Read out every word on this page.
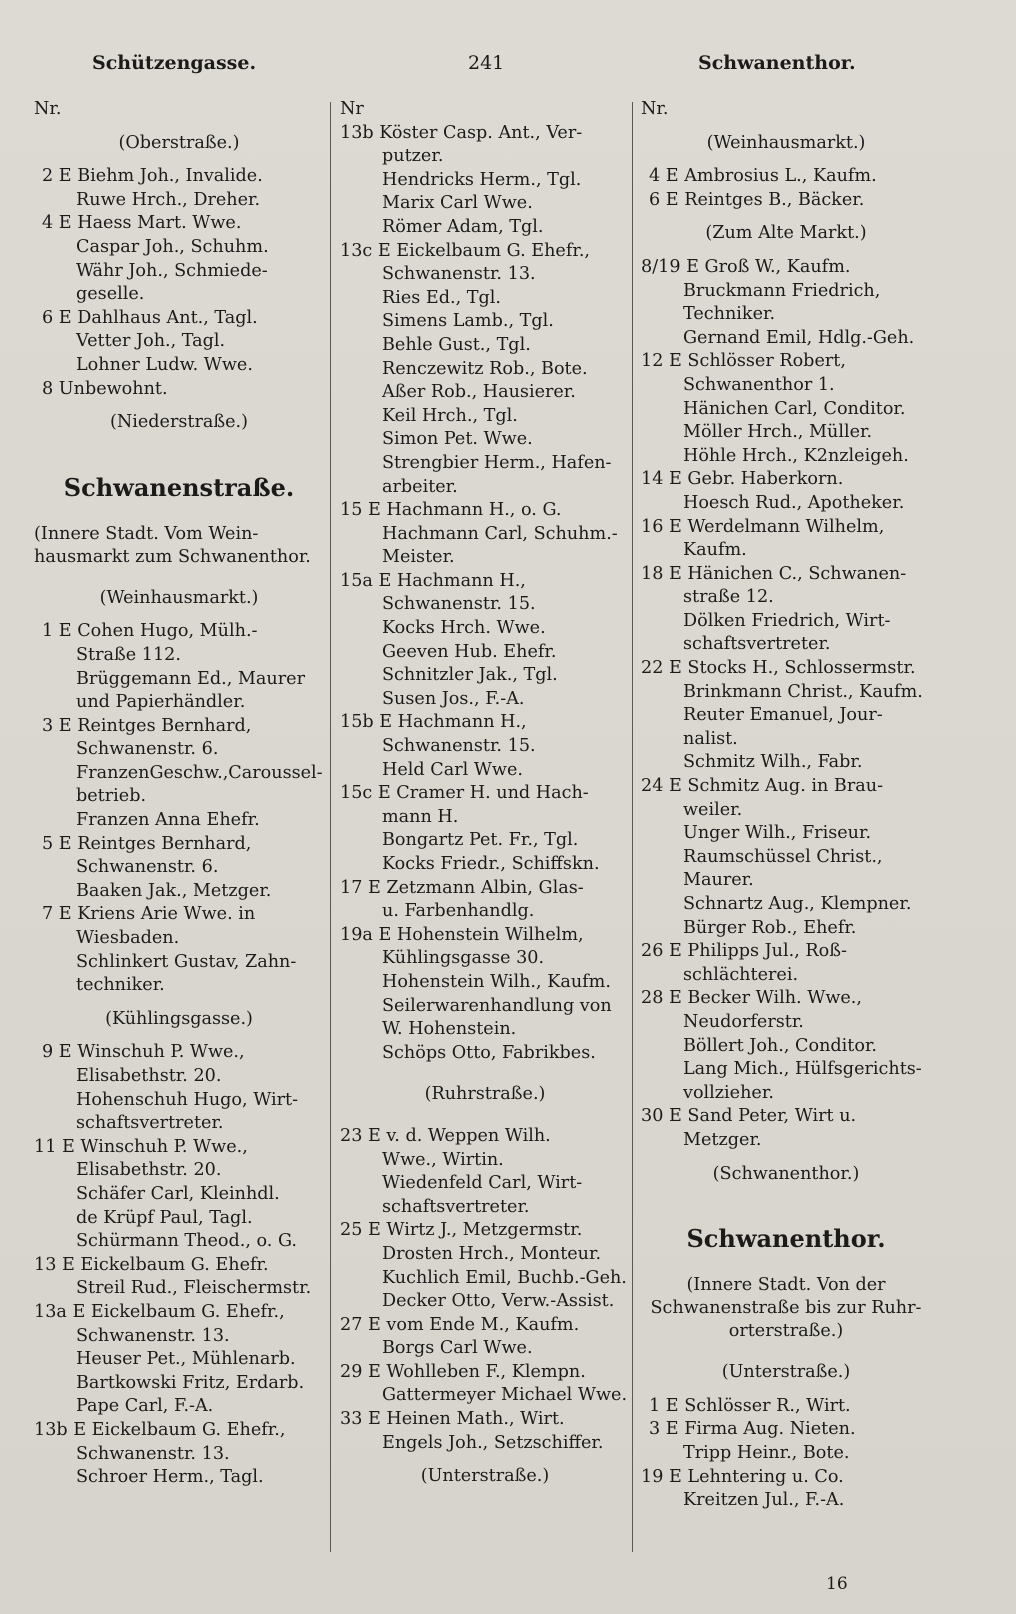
Schützengasse.	241	Schwanenthor.
Nr.
(Oberstraße.)
2 E Biehm Joh., Invalide.
Ruwe Hrch., Dreher.
4 E Haess Mart. Wwe.
Caspar Joh., Schuhm.
Währ Joh., Schmiede-
geselle.
6 E Dahlhaus Ant., Tagl.
Vetter Joh., Tagl.
Lohner Ludw. Wwe.
8 Unbewohnt.
(Niederstraße.)
Schwanenstraße.
(Innere Stadt. Vom Wein-
hausmarkt zum Schwanenthor.
(Weinhausmarkt.)
1 E Cohen Hugo, Mülh.-
Straße 112.
Brüggemann Ed., Maurer
und Papierhändler.
3 E Reintges Bernhard,
Schwanenstr. 6.
FranzenGeschw.,Caroussel-
betrieb.
Franzen Anna Ehefr.
5 E Reintges Bernhard,
Schwanenstr. 6.
Baaken Jak., Metzger.
7 E Kriens Arie Wwe. in
Wiesbaden.
Schlinkert Gustav, Zahn-
techniker.
(Kühlingsgasse.)
9 E Winschuh P. Wwe.,
Elisabethstr. 20.
Hohenschuh Hugo, Wirt-
schaftsvertreter.
11 E Winschuh P. Wwe.,
Elisabethstr. 20.
Schäfer Carl, Kleinhdl.
de Krüpf Paul, Tagl.
Schürmann Theod., o. G.
13 E Eickelbaum G. Ehefr.
Streil Rud., Fleischermstr.
13a E Eickelbaum G. Ehefr.,
Schwanenstr. 13.
Heuser Pet., Mühlenarb.
Bartkowski Fritz, Erdarb.
Pape Carl, F.-A.
13b E Eickelbaum G. Ehefr.,
Schwanenstr. 13.
Schroer Herm., Tagl.
Nr
13b Köster Casp. Ant., Ver-
putzer.
Hendricks Herm., Tgl.
Marix Carl Wwe.
Römer Adam, Tgl.
13c E Eickelbaum G. Ehefr.,
Schwanenstr. 13.
Ries Ed., Tgl.
Simens Lamb., Tgl.
Behle Gust., Tgl.
Renczewitz Rob., Bote.
Aßer Rob., Hausierer.
Keil Hrch., Tgl.
Simon Pet. Wwe.
Strengbier Herm., Hafen-
arbeiter.
15 E Hachmann H., o. G.
Hachmann Carl, Schuhm.-
Meister.
15a E Hachmann H.,
Schwanenstr. 15.
Kocks Hrch. Wwe.
Geeven Hub. Ehefr.
Schnitzler Jak., Tgl.
Susen Jos., F.-A.
15b E Hachmann H.,
Schwanenstr. 15.
Held Carl Wwe.
15c E Cramer H. und Hach-
mann H.
Bongartz Pet. Fr., Tgl.
Kocks Friedr., Schiffskn.
17 E Zetzmann Albin, Glas-
u. Farbenhandlg.
19a E Hohenstein Wilhelm,
Kühlingsgasse 30.
Hohenstein Wilh., Kaufm.
Seilerwarenhandlung von
W. Hohenstein.
Schöps Otto, Fabrikbes.
(Ruhrstraße.)
23 E v. d. Weppen Wilh.
Wwe., Wirtin.
Wiedenfeld Carl, Wirt-
schaftsvertreter.
25 E Wirtz J., Metzgermstr.
Drosten Hrch., Monteur.
Kuchlich Emil, Buchb.-Geh.
Decker Otto, Verw.-Assist.
27 E vom Ende M., Kaufm.
Borgs Carl Wwe.
29 E Wohlleben F., Klempn.
Gattermeyer Michael Wwe.
33 E Heinen Math., Wirt.
Engels Joh., Setzschiffer.
(Unterstraße.)
Nr.
(Weinhausmarkt.)
4 E Ambrosius L., Kaufm.
6 E Reintges B., Bäcker.
(Zum Alte Markt.)
8/19 E Groß W., Kaufm.
Bruckmann Friedrich,
Techniker.
Gernand Emil, Hdlg.-Geh.
12 E Schlösser Robert,
Schwanenthor 1.
Hänichen Carl, Conditor.
Möller Hrch., Müller.
Höhle Hrch., K2nzleigeh.
14 E Gebr. Haberkorn.
Hoesch Rud., Apotheker.
16 E Werdelmann Wilhelm,
Kaufm.
18 E Hänichen C., Schwanen-
straße 12.
Dölken Friedrich, Wirt-
schaftsvertreter.
22 E Stocks H., Schlossermstr.
Brinkmann Christ., Kaufm.
Reuter Emanuel, Jour-
nalist.
Schmitz Wilh., Fabr.
24 E Schmitz Aug. in Brau-
weiler.
Unger Wilh., Friseur.
Raumschüssel Christ.,
Maurer.
Schnartz Aug., Klempner.
Bürger Rob., Ehefr.
26 E Philipps Jul., Roß-
schlächterei.
28 E Becker Wilh. Wwe.,
Neudorferstr.
Böllert Joh., Conditor.
Lang Mich., Hülfsgerichts-
vollzieher.
30 E Sand Peter, Wirt u.
Metzger.
(Schwanenthor.)
Schwanenthor.
(Innere Stadt. Von der
Schwanenstraße bis zur Ruhr-
orterstraße.)
(Unterstraße.)
1 E Schlösser R., Wirt.
3 E Firma Aug. Nieten.
Tripp Heinr., Bote.
19 E Lehntering u. Co.
Kreitzen Jul., F.-A.
16
